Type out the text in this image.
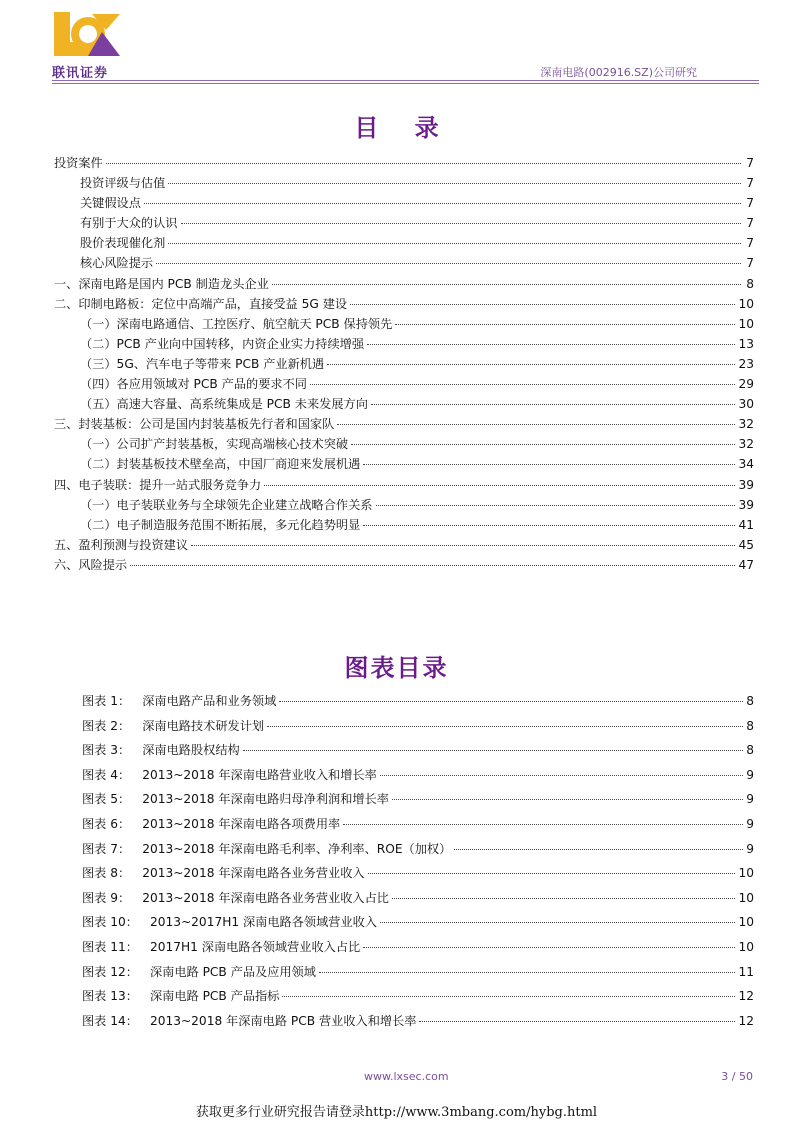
联讯证券	深南电路(002916.SZ)公司研究
目 录
投资案件	7
投资评级与估值	7
关键假设点	7
有别于大众的认识	7
股价表现催化剂	7
核心风险提示	7
一、深南电路是国内 PCB 制造龙头企业	8
二、印制电路板：定位中高端产品，直接受益 5G 建设	10
（一）深南电路通信、工控医疗、航空航天 PCB 保持领先	10
（二）PCB 产业向中国转移，内资企业实力持续增强	13
（三）5G、汽车电子等带来 PCB 产业新机遇	23
（四）各应用领域对 PCB 产品的要求不同	29
（五）高速大容量、高系统集成是 PCB 未来发展方向	30
三、封装基板：公司是国内封装基板先行者和国家队	32
（一）公司扩产封装基板，实现高端核心技术突破	32
（二）封装基板技术壁垒高，中国厂商迎来发展机遇	34
四、电子装联：提升一站式服务竞争力	39
（一）电子装联业务与全球领先企业建立战略合作关系	39
（二）电子制造服务范围不断拓展，多元化趋势明显	41
五、盈利预测与投资建议	45
六、风险提示	47
图表目录
图表 1： 深南电路产品和业务领域	8
图表 2： 深南电路技术研发计划	8
图表 3： 深南电路股权结构	8
图表 4： 2013~2018 年深南电路营业收入和增长率	9
图表 5： 2013~2018 年深南电路归母净利润和增长率	9
图表 6： 2013~2018 年深南电路各项费用率	9
图表 7： 2013~2018 年深南电路毛利率、净利率、ROE（加权）	9
图表 8： 2013~2018 年深南电路各业务营业收入	10
图表 9： 2013~2018 年深南电路各业务营业收入占比	10
图表 10： 2013~2017H1 深南电路各领域营业收入	10
图表 11： 2017H1 深南电路各领域营业收入占比	10
图表 12： 深南电路 PCB 产品及应用领域	11
图表 13： 深南电路 PCB 产品指标	12
图表 14： 2013~2018 年深南电路 PCB 营业收入和增长率	12
www.lxsec.com	3 / 50
获取更多行业研究报告请登录http://www.3mbang.com/hybg.html
